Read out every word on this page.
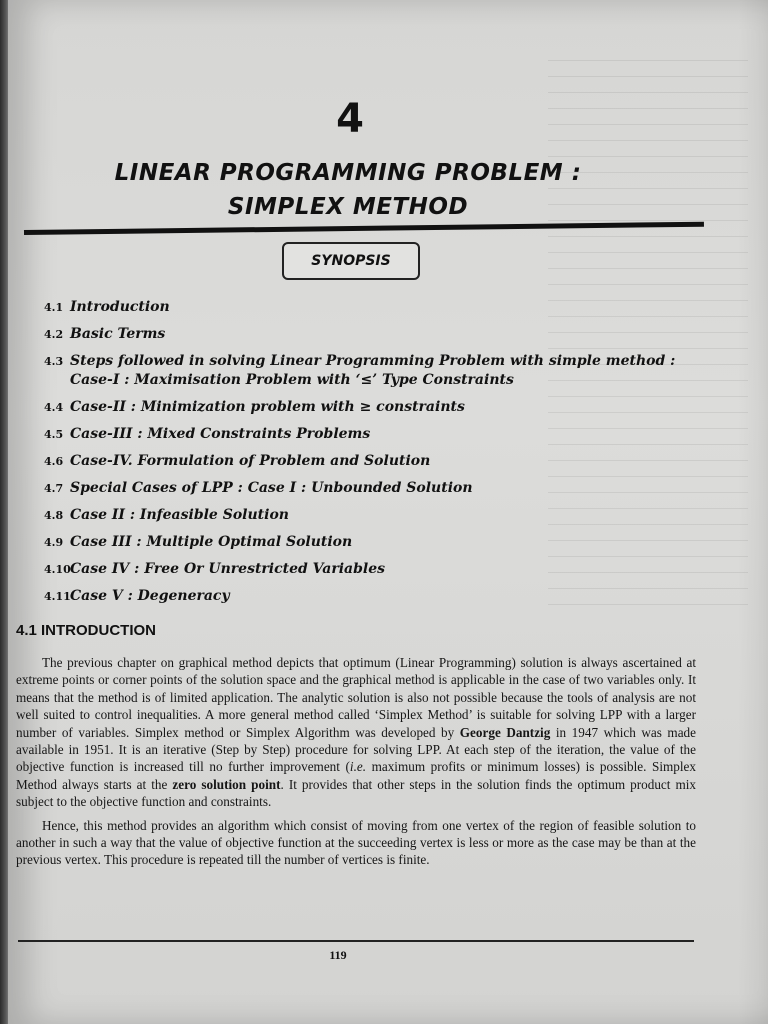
4
LINEAR PROGRAMMING PROBLEM :
SIMPLEX METHOD
SYNOPSIS
4.1 Introduction
4.2 Basic Terms
4.3 Steps followed in solving Linear Programming Problem with simple method : Case-I : Maximisation Problem with ‘≤’ Type Constraints
4.4 Case-II : Minimization problem with ≥ constraints
4.5 Case-III : Mixed Constraints Problems
4.6 Case-IV. Formulation of Problem and Solution
4.7 Special Cases of LPP : Case I : Unbounded Solution
4.8 Case II : Infeasible Solution
4.9 Case III : Multiple Optimal Solution
4.10 Case IV : Free Or Unrestricted Variables
4.11 Case V : Degeneracy
4.1 INTRODUCTION

The previous chapter on graphical method depicts that optimum (Linear Programming) solution is always ascertained at extreme points or corner points of the solution space and the graphical method is applicable in the case of two variables only. It means that the method is of limited application. The analytic solution is also not possible because the tools of analysis are not well suited to control inequalities. A more general method called ‘Simplex Method’ is suitable for solving LPP with a larger number of variables. Simplex method or Simplex Algorithm was developed by George Dantzig in 1947 which was made available in 1951. It is an iterative (Step by Step) procedure for solving LPP. At each step of the iteration, the value of the objective function is increased till no further improvement (i.e. maximum profits or minimum losses) is possible. Simplex Method always starts at the zero solution point. It provides that other steps in the solution finds the optimum product mix subject to the objective function and constraints.

Hence, this method provides an algorithm which consist of moving from one vertex of the region of feasible solution to another in such a way that the value of objective function at the succeeding vertex is less or more as the case may be than at the previous vertex. This procedure is repeated till the number of vertices is finite.

119
